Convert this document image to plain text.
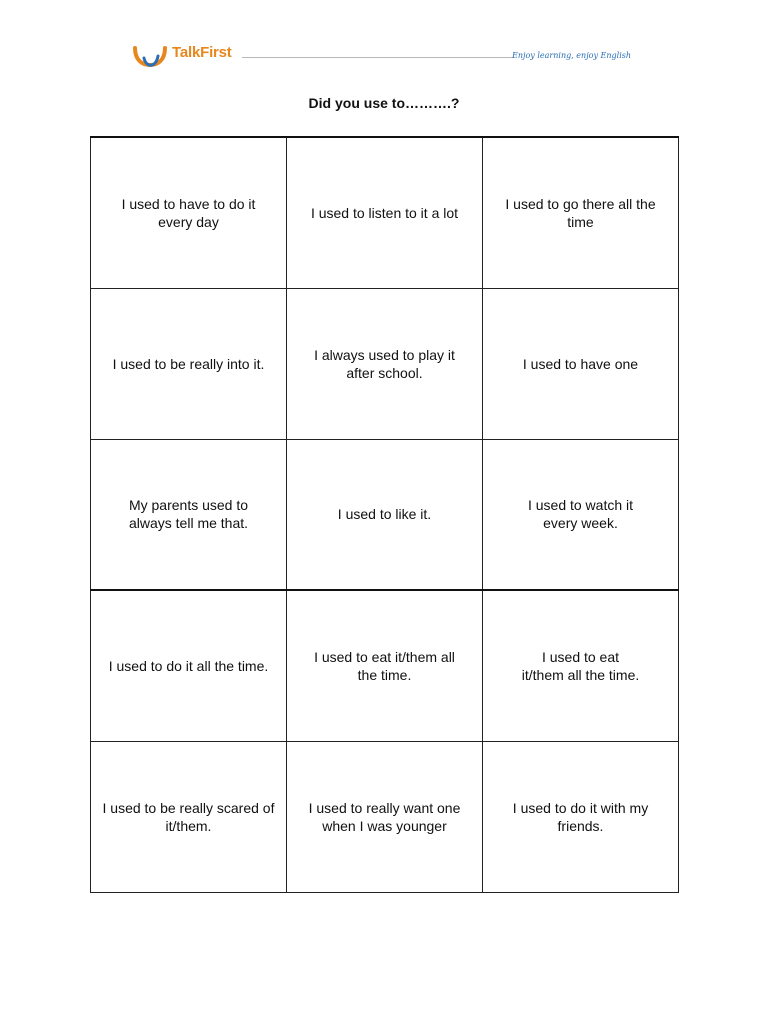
TalkFirst	Enjoy learning, enjoy English
Did you use to……….?
I used to have to do it every day	I used to listen to it a lot	I used to go there all the time
I used to be really into it.	I always used to play it after school.	I used to have one
My parents used to always tell me that.	I used to like it.	I used to watch it every week.
I used to do it all the time.	I used to eat it/them all the time.	I used to eat it/them all the time.
I used to be really scared of it/them.	I used to really want one when I was younger	I used to do it with my friends.
